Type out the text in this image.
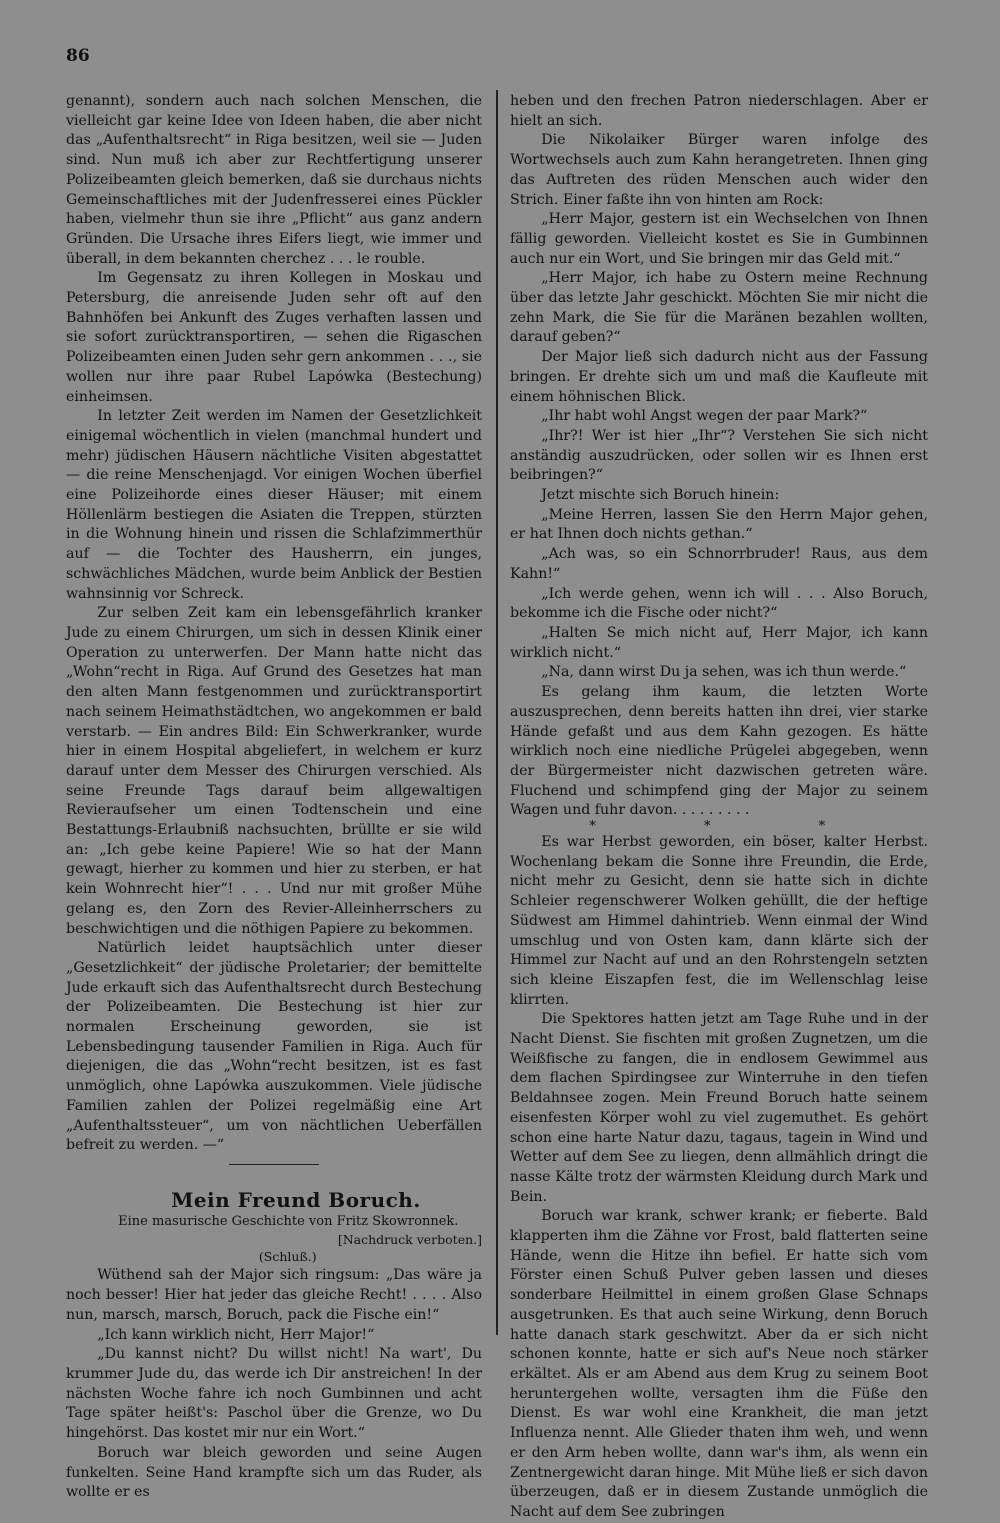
86

genannt), sondern auch nach solchen Menschen, die vielleicht gar keine Idee von Ideen haben, die aber nicht das „Aufenthaltsrecht“ in Riga besitzen, weil sie — Juden sind. Nun muß ich aber zur Rechtfertigung unserer Polizeibeamten gleich bemerken, daß sie durchaus nichts Gemeinschaftliches mit der Judenfresserei eines Pückler haben, vielmehr thun sie ihre „Pflicht“ aus ganz andern Gründen. Die Ursache ihres Eifers liegt, wie immer und überall, in dem bekannten cherchez . . . le rouble.

Im Gegensatz zu ihren Kollegen in Moskau und Petersburg, die anreisende Juden sehr oft auf den Bahnhöfen bei Ankunft des Zuges verhaften lassen und sie sofort zurücktransportiren, — sehen die Rigaschen Polizeibeamten einen Juden sehr gern ankommen . . ., sie wollen nur ihre paar Rubel Lapówka (Bestechung) einheimsen.

In letzter Zeit werden im Namen der Gesetzlichkeit einigemal wöchentlich in vielen (manchmal hundert und mehr) jüdischen Häusern nächtliche Visiten abgestattet — die reine Menschenjagd. Vor einigen Wochen überfiel eine Polizeihorde eines dieser Häuser; mit einem Höllenlärm bestiegen die Asiaten die Treppen, stürzten in die Wohnung hinein und rissen die Schlafzimmerthür auf — die Tochter des Hausherrn, ein junges, schwächliches Mädchen, wurde beim Anblick der Bestien wahnsinnig vor Schreck.

Zur selben Zeit kam ein lebensgefährlich kranker Jude zu einem Chirurgen, um sich in dessen Klinik einer Operation zu unterwerfen. Der Mann hatte nicht das „Wohn“recht in Riga. Auf Grund des Gesetzes hat man den alten Mann festgenommen und zurücktransportirt nach seinem Heimathstädtchen, wo angekommen er bald verstarb. — Ein andres Bild: Ein Schwerkranker, wurde hier in einem Hospital abgeliefert, in welchem er kurz darauf unter dem Messer des Chirurgen verschied. Als seine Freunde Tags darauf beim allgewaltigen Revieraufseher um einen Todtenschein und eine Bestattungs-Erlaubniß nachsuchten, brüllte er sie wild an: „Ich gebe keine Papiere! Wie so hat der Mann gewagt, hierher zu kommen und hier zu sterben, er hat kein Wohnrecht hier“! . . . Und nur mit großer Mühe gelang es, den Zorn des Revier-Alleinherrschers zu beschwichtigen und die nöthigen Papiere zu bekommen.

Natürlich leidet hauptsächlich unter dieser „Gesetzlichkeit“ der jüdische Proletarier; der bemittelte Jude erkauft sich das Aufenthaltsrecht durch Bestechung der Polizeibeamten. Die Bestechung ist hier zur normalen Erscheinung geworden, sie ist Lebensbedingung tausender Familien in Riga. Auch für diejenigen, die das „Wohn“recht besitzen, ist es fast unmöglich, ohne Lapówka auszukommen. Viele jüdische Familien zahlen der Polizei regelmäßig eine Art „Aufenthaltssteuer“, um von nächtlichen Ueberfällen befreit zu werden. —“

Mein Freund Boruch.

Eine masurische Geschichte von Fritz Skowronnek.

[Nachdruck verboten.]

(Schluß.)

Wüthend sah der Major sich ringsum: „Das wäre ja noch besser! Hier hat jeder das gleiche Recht! . . . . Also nun, marsch, marsch, Boruch, pack die Fische ein!“

„Ich kann wirklich nicht, Herr Major!“

„Du kannst nicht? Du willst nicht! Na wart', Du krummer Jude du, das werde ich Dir anstreichen! In der nächsten Woche fahre ich noch Gumbinnen und acht Tage später heißt's: Paschol über die Grenze, wo Du hingehörst. Das kostet mir nur ein Wort.“

Boruch war bleich geworden und seine Augen funkelten. Seine Hand krampfte sich um das Ruder, als wollte er es

heben und den frechen Patron niederschlagen. Aber er hielt an sich.

Die Nikolaiker Bürger waren infolge des Wortwechsels auch zum Kahn herangetreten. Ihnen ging das Auftreten des rüden Menschen auch wider den Strich. Einer faßte ihn von hinten am Rock:

„Herr Major, gestern ist ein Wechselchen von Ihnen fällig geworden. Vielleicht kostet es Sie in Gumbinnen auch nur ein Wort, und Sie bringen mir das Geld mit.“

„Herr Major, ich habe zu Ostern meine Rechnung über das letzte Jahr geschickt. Möchten Sie mir nicht die zehn Mark, die Sie für die Maränen bezahlen wollten, darauf geben?“

Der Major ließ sich dadurch nicht aus der Fassung bringen. Er drehte sich um und maß die Kaufleute mit einem höhnischen Blick.

„Ihr habt wohl Angst wegen der paar Mark?“

„Ihr?! Wer ist hier „Ihr“? Verstehen Sie sich nicht anständig auszudrücken, oder sollen wir es Ihnen erst beibringen?“

Jetzt mischte sich Boruch hinein:

„Meine Herren, lassen Sie den Herrn Major gehen, er hat Ihnen doch nichts gethan.“

„Ach was, so ein Schnorrbruder! Raus, aus dem Kahn!“

„Ich werde gehen, wenn ich will . . . Also Boruch, bekomme ich die Fische oder nicht?“

„Halten Se mich nicht auf, Herr Major, ich kann wirklich nicht.“

„Na, dann wirst Du ja sehen, was ich thun werde.“

Es gelang ihm kaum, die letzten Worte auszusprechen, denn bereits hatten ihn drei, vier starke Hände gefaßt und aus dem Kahn gezogen. Es hätte wirklich noch eine niedliche Prügelei abgegeben, wenn der Bürgermeister nicht dazwischen getreten wäre. Fluchend und schimpfend ging der Major zu seinem Wagen und fuhr davon. . . . . . . . .

* * *

Es war Herbst geworden, ein böser, kalter Herbst. Wochenlang bekam die Sonne ihre Freundin, die Erde, nicht mehr zu Gesicht, denn sie hatte sich in dichte Schleier regenschwerer Wolken gehüllt, die der heftige Südwest am Himmel dahintrieb. Wenn einmal der Wind umschlug und von Osten kam, dann klärte sich der Himmel zur Nacht auf und an den Rohrstengeln setzten sich kleine Eiszapfen fest, die im Wellenschlag leise klirrten.

Die Spektores hatten jetzt am Tage Ruhe und in der Nacht Dienst. Sie fischten mit großen Zugnetzen, um die Weißfische zu fangen, die in endlosem Gewimmel aus dem flachen Spirdingsee zur Winterruhe in den tiefen Beldahnsee zogen. Mein Freund Boruch hatte seinem eisenfesten Körper wohl zu viel zugemuthet. Es gehört schon eine harte Natur dazu, tagaus, tagein in Wind und Wetter auf dem See zu liegen, denn allmählich dringt die nasse Kälte trotz der wärmsten Kleidung durch Mark und Bein.

Boruch war krank, schwer krank; er fieberte. Bald klapperten ihm die Zähne vor Frost, bald flatterten seine Hände, wenn die Hitze ihn befiel. Er hatte sich vom Förster einen Schuß Pulver geben lassen und dieses sonderbare Heilmittel in einem großen Glase Schnaps ausgetrunken. Es that auch seine Wirkung, denn Boruch hatte danach stark geschwitzt. Aber da er sich nicht schonen konnte, hatte er sich auf's Neue noch stärker erkältet. Als er am Abend aus dem Krug zu seinem Boot heruntergehen wollte, versagten ihm die Füße den Dienst. Es war wohl eine Krankheit, die man jetzt Influenza nennt. Alle Glieder thaten ihm weh, und wenn er den Arm heben wollte, dann war's ihm, als wenn ein Zentnergewicht daran hinge. Mit Mühe ließ er sich davon überzeugen, daß er in diesem Zustande unmöglich die Nacht auf dem See zubringen
